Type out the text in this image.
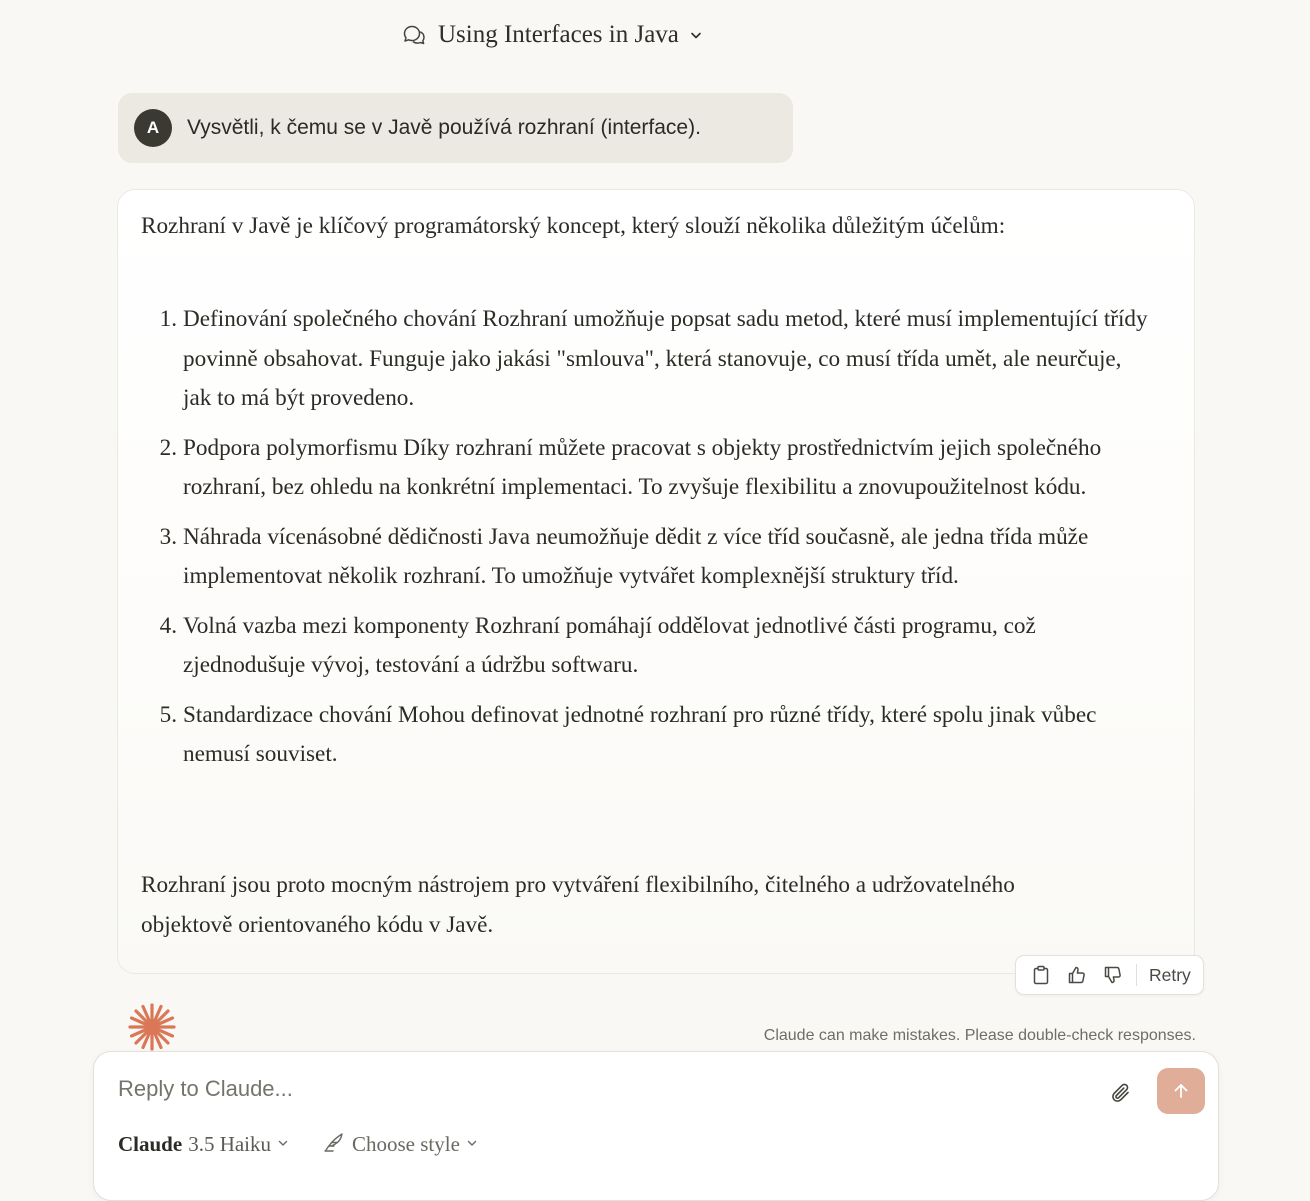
Using Interfaces in Java
A	Vysvětli, k čemu se v Javě používá rozhraní (interface).
Rozhraní v Javě je klíčový programátorský koncept, který slouží několika důležitým účelům:
1. Definování společného chování Rozhraní umožňuje popsat sadu metod, které musí implementující třídy povinně obsahovat. Funguje jako jakási "smlouva", která stanovuje, co musí třída umět, ale neurčuje, jak to má být provedeno.
2. Podpora polymorfismu Díky rozhraní můžete pracovat s objekty prostřednictvím jejich společného rozhraní, bez ohledu na konkrétní implementaci. To zvyšuje flexibilitu a znovupoužitelnost kódu.
3. Náhrada vícenásobné dědičnosti Java neumožňuje dědit z více tříd současně, ale jedna třída může implementovat několik rozhraní. To umožňuje vytvářet komplexnější struktury tříd.
4. Volná vazba mezi komponenty Rozhraní pomáhají oddělovat jednotlivé části programu, což zjednodušuje vývoj, testování a údržbu softwaru.
5. Standardizace chování Mohou definovat jednotné rozhraní pro různé třídy, které spolu jinak vůbec nemusí souviset.
Rozhraní jsou proto mocným nástrojem pro vytváření flexibilního, čitelného a udržovatelného objektově orientovaného kódu v Javě.
Retry
Claude can make mistakes. Please double-check responses.
Reply to Claude...
Claude 3.5 Haiku	Choose style
